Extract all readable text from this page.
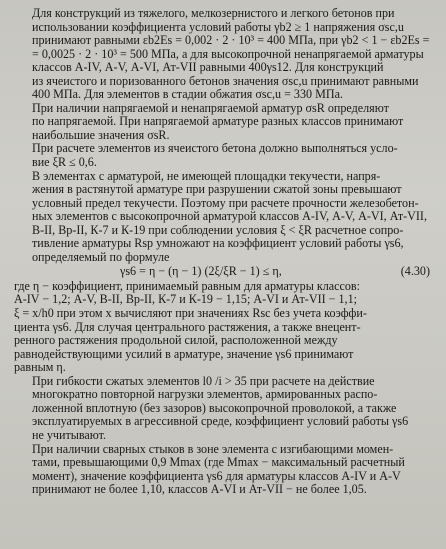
Для конструкций из тяжелого, мелкозернистого и легкого бетонов при
использовании коэффициента условий работы γb2 ≥ 1 напряжения σsc,u
принимают равными εb2Es = 0,002 · 2 · 10³ = 400 МПа, при γb2 < 1 − εb2Es =
= 0,0025 · 2 · 10³ = 500 МПа, а для высокопрочной ненапрягаемой арматуры
классов А-IV, А-V, А-VI, Ат-VII равными 400γs12. Для конструкций
из ячеистого и поризованного бетонов значения σsc,u принимают равными
400 МПа. Для элементов в стадии обжатия σsc,u = 330 МПа.

При наличии напрягаемой и ненапрягаемой арматур σsR определяют
по напрягаемой. При напрягаемой арматуре разных классов принимают
наибольшие значения σsR.

При расчете элементов из ячеистого бетона должно выполняться усло-
вие ξR ≤ 0,6.

В элементах с арматурой, не имеющей площадки текучести, напря-
жения в растянутой арматуре при разрушении сжатой зоны превышают
условный предел текучести. Поэтому при расчете прочности железобетон-
ных элементов с высокопрочной арматурой классов А-IV, А-V, А-VI, Ат-VII,
В-II, Вр-II, К-7 и К-19 при соблюдении условия ξ < ξR расчетное сопро-
тивление арматуры Rsp умножают на коэффициент условий работы γs6,
определяемый по формуле

γs6 = η − (η − 1) (2ξ/ξR − 1) ≤ η,	(4.30)

где η − коэффициент, принимаемый равным для арматуры классов:
А-IV − 1,2; А-V, В-II, Вр-II, К-7 и К-19 − 1,15; А-VI и Ат-VII − 1,1;
ξ = x/h0 при этом x вычисляют при значениях Rsc без учета коэффи-
циента γs6. Для случая центрального растяжения, а также внецент-
ренного растяжения продольной силой, расположенной между
равнодействующими усилий в арматуре, значение γs6 принимают
равным η.

При гибкости сжатых элементов l0 /i > 35 при расчете на действие
многократно повторной нагрузки элементов, армированных распо-
ложенной вплотную (без зазоров) высокопрочной проволокой, а также
эксплуатируемых в агрессивной среде, коэффициент условий работы γs6
не учитывают.

При наличии сварных стыков в зоне элемента с изгибающими момен-
тами, превышающими 0,9 Mmax (где Mmax − максимальный расчетный
момент), значение коэффициента γs6 для арматуры классов А-IV и А-V
принимают не более 1,10, классов А-VI и Ат-VII − не более 1,05.
